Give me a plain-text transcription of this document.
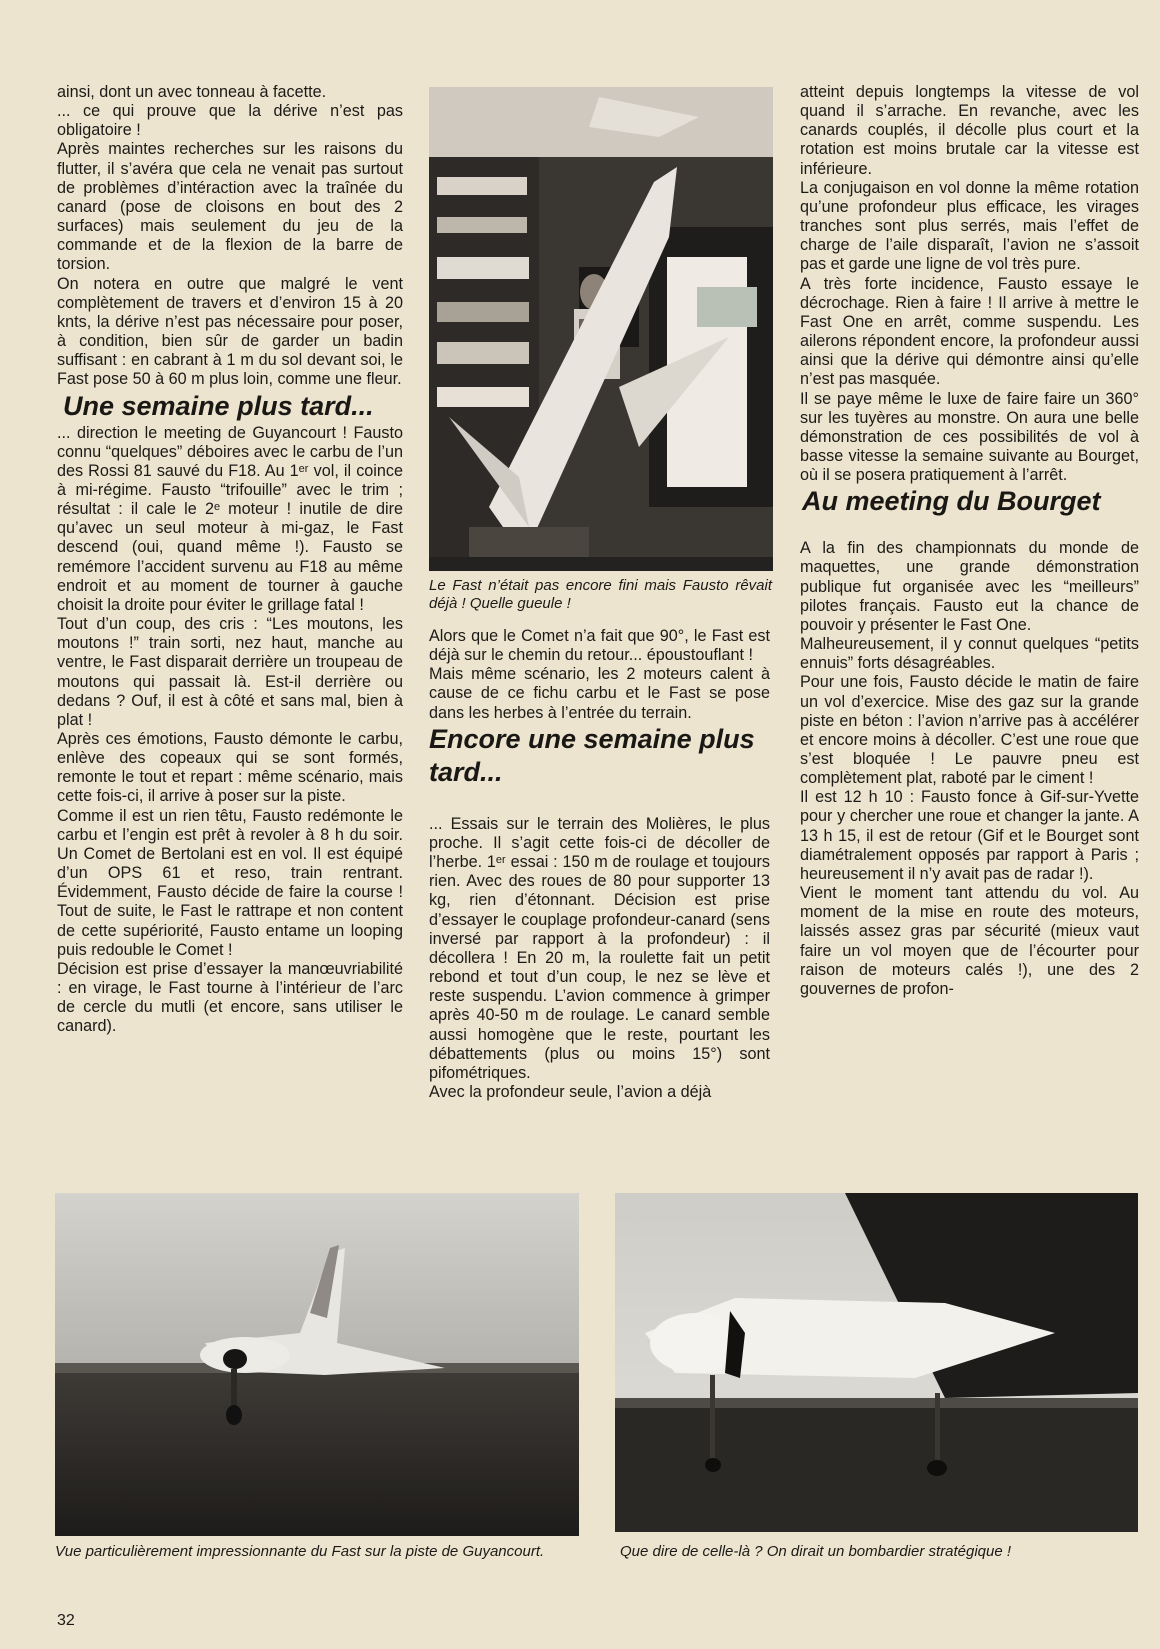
ainsi, dont un avec tonneau à facette.

... ce qui prouve que la dérive n’est pas obligatoire !

Après maintes recherches sur les raisons du flutter, il s’avéra que cela ne venait pas surtout de problèmes d’intéraction avec la traînée du canard (pose de cloisons en bout des 2 surfaces) mais seulement du jeu de la commande et de la flexion de la barre de torsion.

On notera en outre que malgré le vent complètement de travers et d’environ 15 à 20 knts, la dérive n’est pas nécessaire pour poser, à condition, bien sûr de garder un badin suffisant : en cabrant à 1 m du sol devant soi, le Fast pose 50 à 60 m plus loin, comme une fleur.

Une semaine plus tard...

... direction le meeting de Guyancourt ! Fausto connu “quelques” déboires avec le carbu de l’un des Rossi 81 sauvé du F18. Au 1ᵉʳ vol, il coince à mi-régime. Fausto “trifouille” avec le trim ; résultat : il cale le 2ᵉ moteur ! inutile de dire qu’avec un seul moteur à mi-gaz, le Fast descend (oui, quand même !). Fausto se remémore l’accident survenu au F18 au même endroit et au moment de tourner à gauche choisit la droite pour éviter le grillage fatal !

Tout d’un coup, des cris : “Les moutons, les moutons !” train sorti, nez haut, manche au ventre, le Fast disparait derrière un troupeau de moutons qui passait là. Est-il derrière ou dedans ? Ouf, il est à côté et sans mal, bien à plat !

Après ces émotions, Fausto démonte le carbu, enlève des copeaux qui se sont formés, remonte le tout et repart : même scénario, mais cette fois-ci, il arrive à poser sur la piste.

Comme il est un rien têtu, Fausto redémonte le carbu et l’engin est prêt à revoler à 8 h du soir. Un Comet de Bertolani est en vol. Il est équipé d’un OPS 61 et reso, train rentrant. Évidemment, Fausto décide de faire la course ! Tout de suite, le Fast le rattrape et non content de cette supériorité, Fausto entame un looping puis redouble le Comet !

Décision est prise d’essayer la manœuvriabilité : en virage, le Fast tourne à l’intérieur de l’arc de cercle du mutli (et encore, sans utiliser le canard).

Le Fast n’était pas encore fini mais Fausto rêvait déjà ! Quelle gueule !

Alors que le Comet n’a fait que 90°, le Fast est déjà sur le chemin du retour... époustouflant !

Mais même scénario, les 2 moteurs calent à cause de ce fichu carbu et le Fast se pose dans les herbes à l’entrée du terrain.

Encore une semaine plus tard...

... Essais sur le terrain des Molières, le plus proche. Il s’agit cette fois-ci de décoller de l’herbe. 1ᵉʳ essai : 150 m de roulage et toujours rien. Avec des roues de 80 pour supporter 13 kg, rien d’étonnant. Décision est prise d’essayer le couplage profondeur-canard (sens inversé par rapport à la profondeur) : il décollera ! En 20 m, la roulette fait un petit rebond et tout d’un coup, le nez se lève et reste suspendu. L’avion commence à grimper après 40-50 m de roulage. Le canard semble aussi homogène que le reste, pourtant les débattements (plus ou moins 15°) sont pifométriques.

Avec la profondeur seule, l’avion a déjà

atteint depuis longtemps la vitesse de vol quand il s’arrache. En revanche, avec les canards couplés, il décolle plus court et la rotation est moins brutale car la vitesse est inférieure.

La conjugaison en vol donne la même rotation qu’une profondeur plus efficace, les virages tranches sont plus serrés, mais l’effet de charge de l’aile disparaît, l’avion ne s’assoit pas et garde une ligne de vol très pure.

A très forte incidence, Fausto essaye le décrochage. Rien à faire ! Il arrive à mettre le Fast One en arrêt, comme suspendu. Les ailerons répondent encore, la profondeur aussi ainsi que la dérive qui démontre ainsi qu’elle n’est pas masquée.

Il se paye même le luxe de faire faire un 360° sur les tuyères au monstre. On aura une belle démonstration de ces possibilités de vol à basse vitesse la semaine suivante au Bourget, où il se posera pratiquement à l’arrêt.

Au meeting du Bourget

A la fin des championnats du monde de maquettes, une grande démonstration publique fut organisée avec les “meilleurs” pilotes français. Fausto eut la chance de pouvoir y présenter le Fast One.

Malheureusement, il y connut quelques “petits ennuis” forts désagréables.

Pour une fois, Fausto décide le matin de faire un vol d’exercice. Mise des gaz sur la grande piste en béton : l’avion n’arrive pas à accélérer et encore moins à décoller. C’est une roue que s’est bloquée ! Le pauvre pneu est complètement plat, raboté par le ciment !

Il est 12 h 10 : Fausto fonce à Gif-sur-Yvette pour y chercher une roue et changer la jante. A 13 h 15, il est de retour (Gif et le Bourget sont diamétralement opposés par rapport à Paris ; heureusement il n’y avait pas de radar !).

Vient le moment tant attendu du vol. Au moment de la mise en route des moteurs, laissés assez gras par sécurité (mieux vaut faire un vol moyen que de l’écourter pour raison de moteurs calés !), une des 2 gouvernes de profon-

Vue particulièrement impressionnante du Fast sur la piste de Guyancourt.	Que dire de celle-là ? On dirait un bombardier stratégique !
32
